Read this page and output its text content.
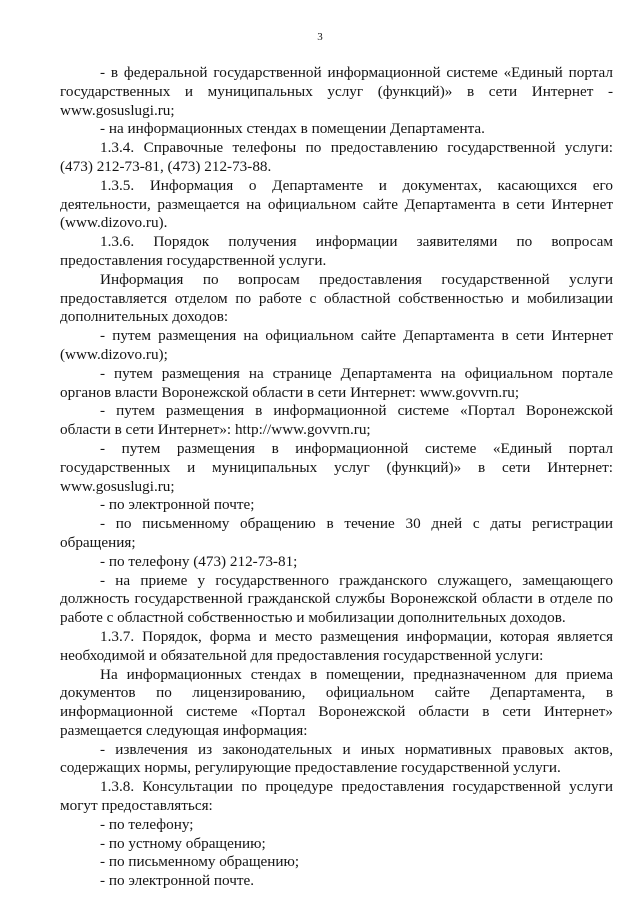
3

- в федеральной государственной информационной системе «Единый портал государственных и муниципальных услуг (функций)» в сети Интернет - www.gosuslugi.ru;

- на информационных стендах в помещении Департамента.

1.3.4. Справочные телефоны по предоставлению государственной услуги: (473) 212-73-81, (473) 212-73-88.

1.3.5. Информация о Департаменте и документах, касающихся его деятельности, размещается на официальном сайте Департамента в сети Интернет (www.dizovo.ru).

1.3.6. Порядок получения информации заявителями по вопросам предоставления государственной услуги.

Информация по вопросам предоставления государственной услуги предоставляется отделом по работе с областной собственностью и мобилизации дополнительных доходов:

- путем размещения на официальном сайте Департамента в сети Интернет (www.dizovo.ru);

- путем размещения на странице Департамента на официальном портале органов власти Воронежской области в сети Интернет: www.govvrn.ru;

- путем размещения в информационной системе «Портал Воронежской области в сети Интернет»: http://www.govvrn.ru;

- путем размещения в информационной системе «Единый портал государственных и муниципальных услуг (функций)» в сети Интернет: www.gosuslugi.ru;

- по электронной почте;

- по письменному обращению в течение 30 дней с даты регистрации обращения;

- по телефону (473) 212-73-81;

- на приеме у государственного гражданского служащего, замещающего должность государственной гражданской службы Воронежской области в отделе по работе с областной собственностью и мобилизации дополнительных доходов.

1.3.7. Порядок, форма и место размещения информации, которая является необходимой и обязательной для предоставления государственной услуги:

На информационных стендах в помещении, предназначенном для приема документов по лицензированию, официальном сайте Департамента, в информационной системе «Портал Воронежской области в сети Интернет» размещается следующая информация:

- извлечения из законодательных и иных нормативных правовых актов, содержащих нормы, регулирующие предоставление государственной услуги.

1.3.8. Консультации по процедуре предоставления государственной услуги могут предоставляться:

- по телефону;

- по устному обращению;

- по письменному обращению;

- по электронной почте.
